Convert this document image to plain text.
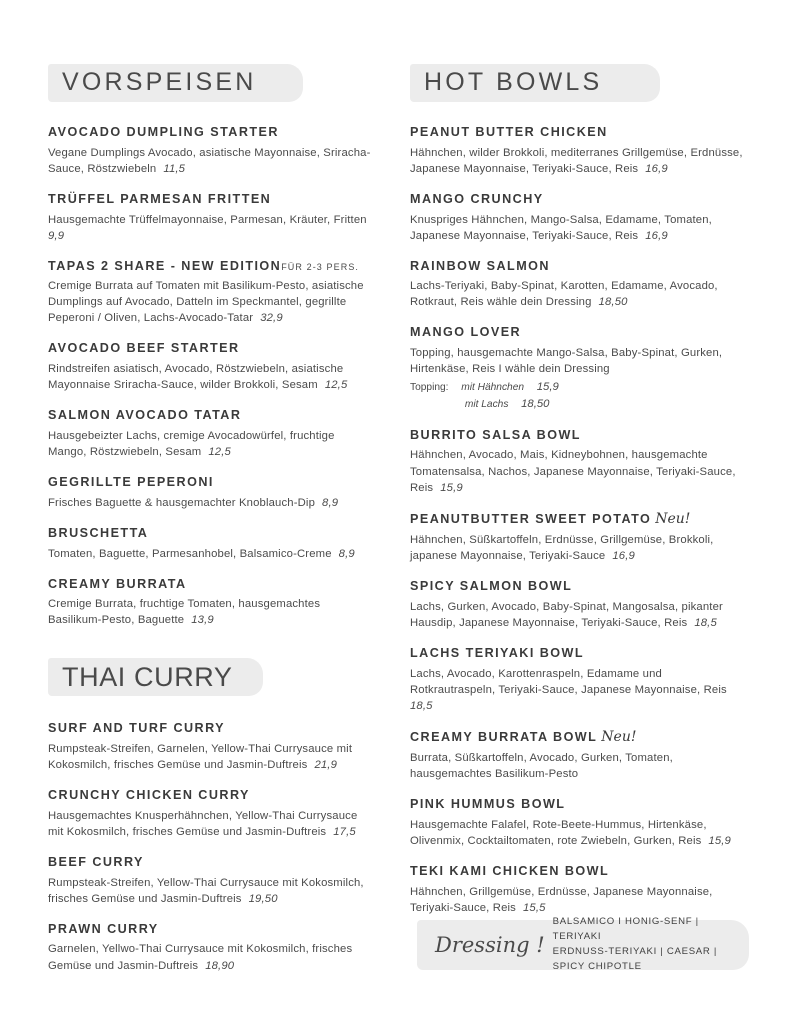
VORSPEISEN
AVOCADO DUMPLING STARTER
Vegane Dumplings Avocado, asiatische Mayonnaise, Sriracha-Sauce, Röstzwiebeln 11,5
TRÜFFEL PARMESAN FRITTEN
Hausgemachte Trüffelmayonnaise, Parmesan, Kräuter, Fritten9,9
TAPAS 2 SHARE - NEW EDITIONFÜR 2-3 PERS.
Cremige Burrata auf Tomaten mit Basilikum-Pesto, asiatische Dumplings auf Avocado, Datteln im Speckmantel, gegrillte Peperoni / Oliven, Lachs-Avocado-Tatar 32,9
AVOCADO BEEF STARTER
Rindstreifen asiatisch, Avocado, Röstzwiebeln, asiatische Mayonnaise Sriracha-Sauce, wilder Brokkoli, Sesam 12,5
SALMON AVOCADO TATAR
Hausgebeizter Lachs, cremige Avocadowürfel, fruchtige Mango, Röstzwiebeln, Sesam 12,5
GEGRILLTE PEPERONI
Frisches Baguette & hausgemachter Knoblauch-Dip 8,9
BRUSCHETTA
Tomaten, Baguette, Parmesanhobel, Balsamico-Creme 8,9
CREAMY BURRATA
Cremige Burrata, fruchtige Tomaten, hausgemachtes Basilikum-Pesto, Baguette 13,9
THAI CURRY
SURF AND TURF CURRY
Rumpsteak-Streifen, Garnelen, Yellow-Thai Currysauce mit Kokosmilch, frisches Gemüse und Jasmin-Duftreis 21,9
CRUNCHY CHICKEN CURRY
Hausgemachtes Knusperhähnchen, Yellow-Thai Currysauce mit Kokosmilch, frisches Gemüse und Jasmin-Duftreis 17,5
BEEF CURRY
Rumpsteak-Streifen, Yellow-Thai Currysauce mit Kokosmilch, frisches Gemüse und Jasmin-Duftreis 19,50
PRAWN CURRY
Garnelen, Yellwo-Thai Currysauce mit Kokosmilch, frisches Gemüse und Jasmin-Duftreis 18,90
HOT BOWLS
PEANUT BUTTER CHICKEN
Hähnchen, wilder Brokkoli, mediterranes Grillgemüse, Erdnüsse, Japanese Mayonnaise, Teriyaki-Sauce, Reis 16,9
MANGO CRUNCHY
Knuspriges Hähnchen, Mango-Salsa, Edamame, Tomaten, Japanese Mayonnaise, Teriyaki-Sauce, Reis 16,9
RAINBOW SALMON
Lachs-Teriyaki, Baby-Spinat, Karotten, Edamame, Avocado, Rotkraut, Reis wähle dein Dressing 18,50
MANGO LOVER
Topping, hausgemachte Mango-Salsa, Baby-Spinat, Gurken, Hirtenkäse, Reis I wähle dein Dressing
Topping: mit Hähnchen 15,9
mit Lachs 18,50
BURRITO SALSA BOWL
Hähnchen, Avocado, Mais, Kidneybohnen, hausgemachte Tomatensalsa, Nachos, Japanese Mayonnaise, Teriyaki-Sauce, Reis 15,9
PEANUTBUTTER SWEET POTATO Neu!
Hähnchen, Süßkartoffeln, Erdnüsse, Grillgemüse, Brokkoli, japanese Mayonnaise, Teriyaki-Sauce 16,9
SPICY SALMON BOWL
Lachs, Gurken, Avocado, Baby-Spinat, Mangosalsa, pikanter Hausdip, Japanese Mayonnaise, Teriyaki-Sauce, Reis 18,5
LACHS TERIYAKI BOWL
Lachs, Avocado, Karottenraspeln, Edamame und Rotkrautraspeln, Teriyaki-Sauce, Japanese Mayonnaise, Reis18,5
CREAMY BURRATA BOWL Neu!
Burrata, Süßkartoffeln, Avocado, Gurken, Tomaten, hausgemachtes Basilikum-Pesto
PINK HUMMUS BOWL
Hausgemachte Falafel, Rote-Beete-Hummus, Hirtenkäse, Olivenmix, Cocktailtomaten, rote Zwiebeln, Gurken, Reis 15,9
TEKI KAMI CHICKEN BOWL
Hähnchen, Grillgemüse, Erdnüsse, Japanese Mayonnaise, Teriyaki-Sauce, Reis 15,5
Dressing !
BALSAMICO I HONIG-SENF | TERIYAKI
ERDNUSS-TERIYAKI | CAESAR | SPICY CHIPOTLE
